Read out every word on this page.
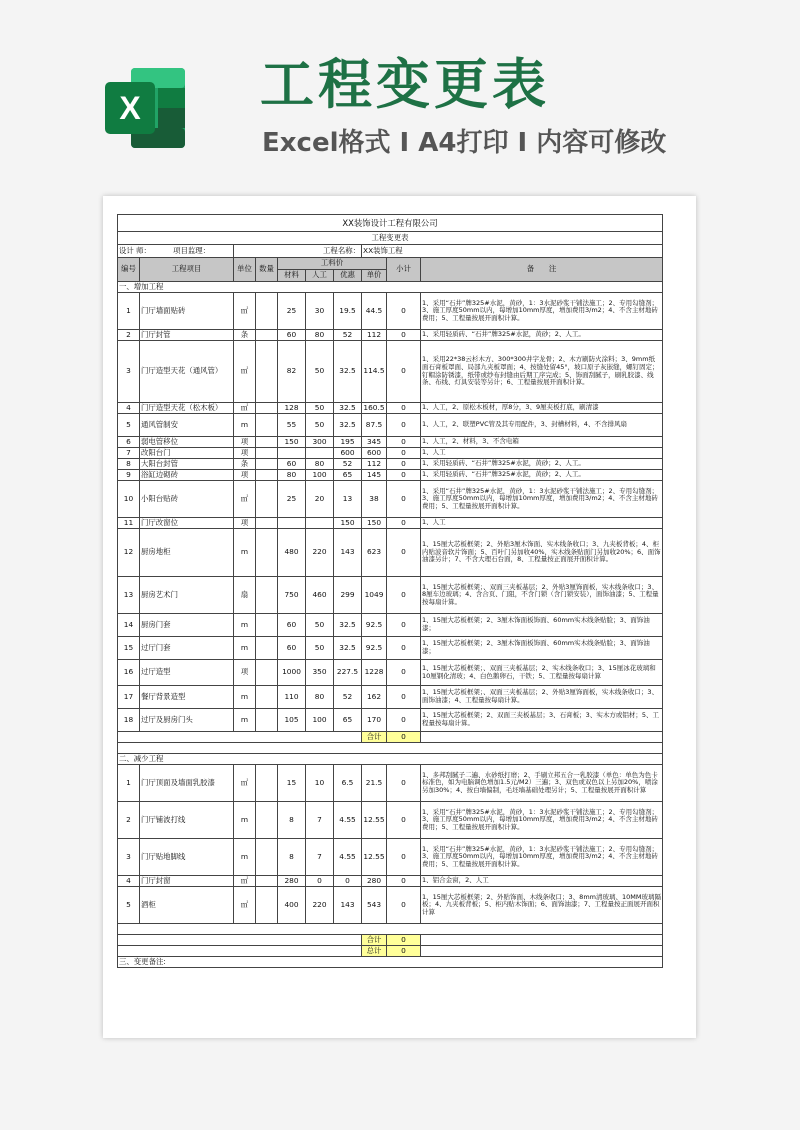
X 工程变更表
Excel格式 I A4打印 I 内容可修改
XX装饰设计工程有限公司									
工程变更表									
设计 师：    项目监理：		工程名称：					XX装饰工程		
编号	工程项目	单位	数量	工料价				小计	备　　注
				材料	人工	优惠	单价		
一、增加工程									
1	门厅墙面贴砖	㎡		25	30	19.5	44.5	0	1、采用“石井”牌325#水泥，黄砂，1：3水泥砂浆干铺法施工；2、专用勾缝剂；3、施工厚度50mm以内，每增加10mm厚度，增加费用3/m2；4、不含主材地砖费用；5、工程量按展开面积计算。
2	门厅封管	条		60	80	52	112	0	1、采用轻质砖、“石井”牌325#水泥，黄砂；2、人工。
3	门厅造型天花（通风管）	㎡		82	50	32.5	114.5	0	1、采用22*38云杉木方、300*300井字龙骨；2、木方刷防火涂料；3、9mm纸面石膏板罩面、局部九夹板罩面；4、按缝处留45°，坡口原子灰嵌缝，螺钉固定；钉帽涂防锈漆，纸带或纱布封缝由后期工序完成；5、饰面刮腻子，刷乳胶漆、线条、布线、灯具安装等另计；6、工程量按展开面积计算。
4	门厅造型天花（松木板）	㎡		128	50	32.5	160.5	0	1、人工，2、原松木板材，厚8分，3、9厘夹板打底，刷清漆
5	通风管制安	m		55	50	32.5	87.5	0	1、人工，2、联塑PVC管及其专用配件，3、封槽材料，4、不含排风扇
6	弱电管移位	项		150	300	195	345	0	1、人工，2、材料，3、不含电箱
7	改阳台门	项				600	600	0	1、人工
8	大阳台封管	条		60	80	52	112	0	1、采用轻质砖、“石井”牌325#水泥，黄砂；2、人工。
9	浴缸边砌砖	项		80	100	65	145	0	1、采用轻质砖、“石井”牌325#水泥，黄砂；2、人工。
10	小阳台贴砖	㎡		25	20	13	38	0	1、采用“石井”牌325#水泥，黄砂，1：3水泥砂浆干铺法施工；2、专用勾缝剂；3、施工厚度50mm以内，每增加10mm厚度，增加费用3/m2；4、不含主材地砖费用；5、工程量按展开面积计算。
11	门厅改窗位	项				150	150	0	1、人工
12	厨房地柜	m		480	220	143	623	0	1、15厘大芯板框架；2、外贴3厘木饰面、实木线条收口；3、九夹板背板；4、柜内贴波音软片饰面；5、百叶门另加收40%，实木线条贴面门另加收20%；6、面饰油漆另计；7、不含大理石台面，8、工程量按正面展开面积计算。
13	厨房艺术门	扇		750	460	299	1049	0	1、15厘大芯板框架；、双面三夹板基层；2、外贴3厘饰面板，实木线条收口；3、8厘车边玻璃；4、含合页、门阻，不含门锁（含门锁安装），面饰油漆；5、工程量按每扇计算。
14	厨房门套	m		60	50	32.5	92.5	0	1、15厘大芯板框架；2、3厘木饰面板饰面、60mm实木线条贴脸；3、面饰油漆；
15	过厅门套	m		60	50	32.5	92.5	0	1、15厘大芯板框架；2、3厘木饰面板饰面、60mm实木线条贴脸；3、面饰油漆；
16	过厅造型	项		1000	350	227.5	1228	0	1、15厘大芯板框架；、双面三夹板基层；2、实木线条收口；3、15厘冰花玻璃和10厘钢化清玻；4、白色鹅卵石，干铁；5、工程量按每扇计算
17	餐厅背景造型	m		110	80	52	162	0	1、15厘大芯板框架；、双面三夹板基层；2、外贴3厘饰面板，实木线条收口；3、面饰油漆；4、工程量按每扇计算。
18	过厅及厨房门头	m		105	100	65	170	0	1、15厘大芯板框架；2、双面三夹板基层；3、石膏板；3、实木方或铝材；5、工程量按每扇计算。
							合计	0	

二、减少工程									
1	门厅顶面及墙面乳胶漆	㎡		15	10	6.5	21.5	0	1、多邦刮腻子二遍、水砂纸打磨；2、手刷立邦五合一乳胶漆（单色：单色为色卡标准色，如为电脑调色增加1.5元/M2）三遍；3、双色或双色以上另加20%，喷涂另加30%；4、按白墙偏制，毛坯墙基础处理另计；5、工程量按展开面积计算
2	门厅铺波打线	m		8	7	4.55	12.55	0	1、采用“石井”牌325#水泥，黄砂，1：3水泥砂浆干铺法施工；2、专用勾缝剂；3、施工厚度50mm以内，每增加10mm厚度，增加费用3/m2；4、不含主材地砖费用；5、工程量按展开面积计算。
3	门厅贴地脚线	m		8	7	4.55	12.55	0	1、采用“石井”牌325#水泥，黄砂，1：3水泥砂浆干铺法施工；2、专用勾缝剂；3、施工厚度50mm以内，每增加10mm厚度，增加费用3/m2；4、不含主材地砖费用；5、工程量按展开面积计算。
4	门厅封窗	㎡		280	0	0	280	0	1、铝合金窗，2、人工
5	酒柜	㎡		400	220	143	543	0	1、15厘大芯板框架；2、外贴饰面、木线条收口；3、8mm清玻璃、10MM玻璃隔板；4、九夹板背板；5、柜内贴木饰面；6、面饰油漆；7、工程量按正面展开面积计算

							合计	0	
							总计	0	
三、变更备注:									
